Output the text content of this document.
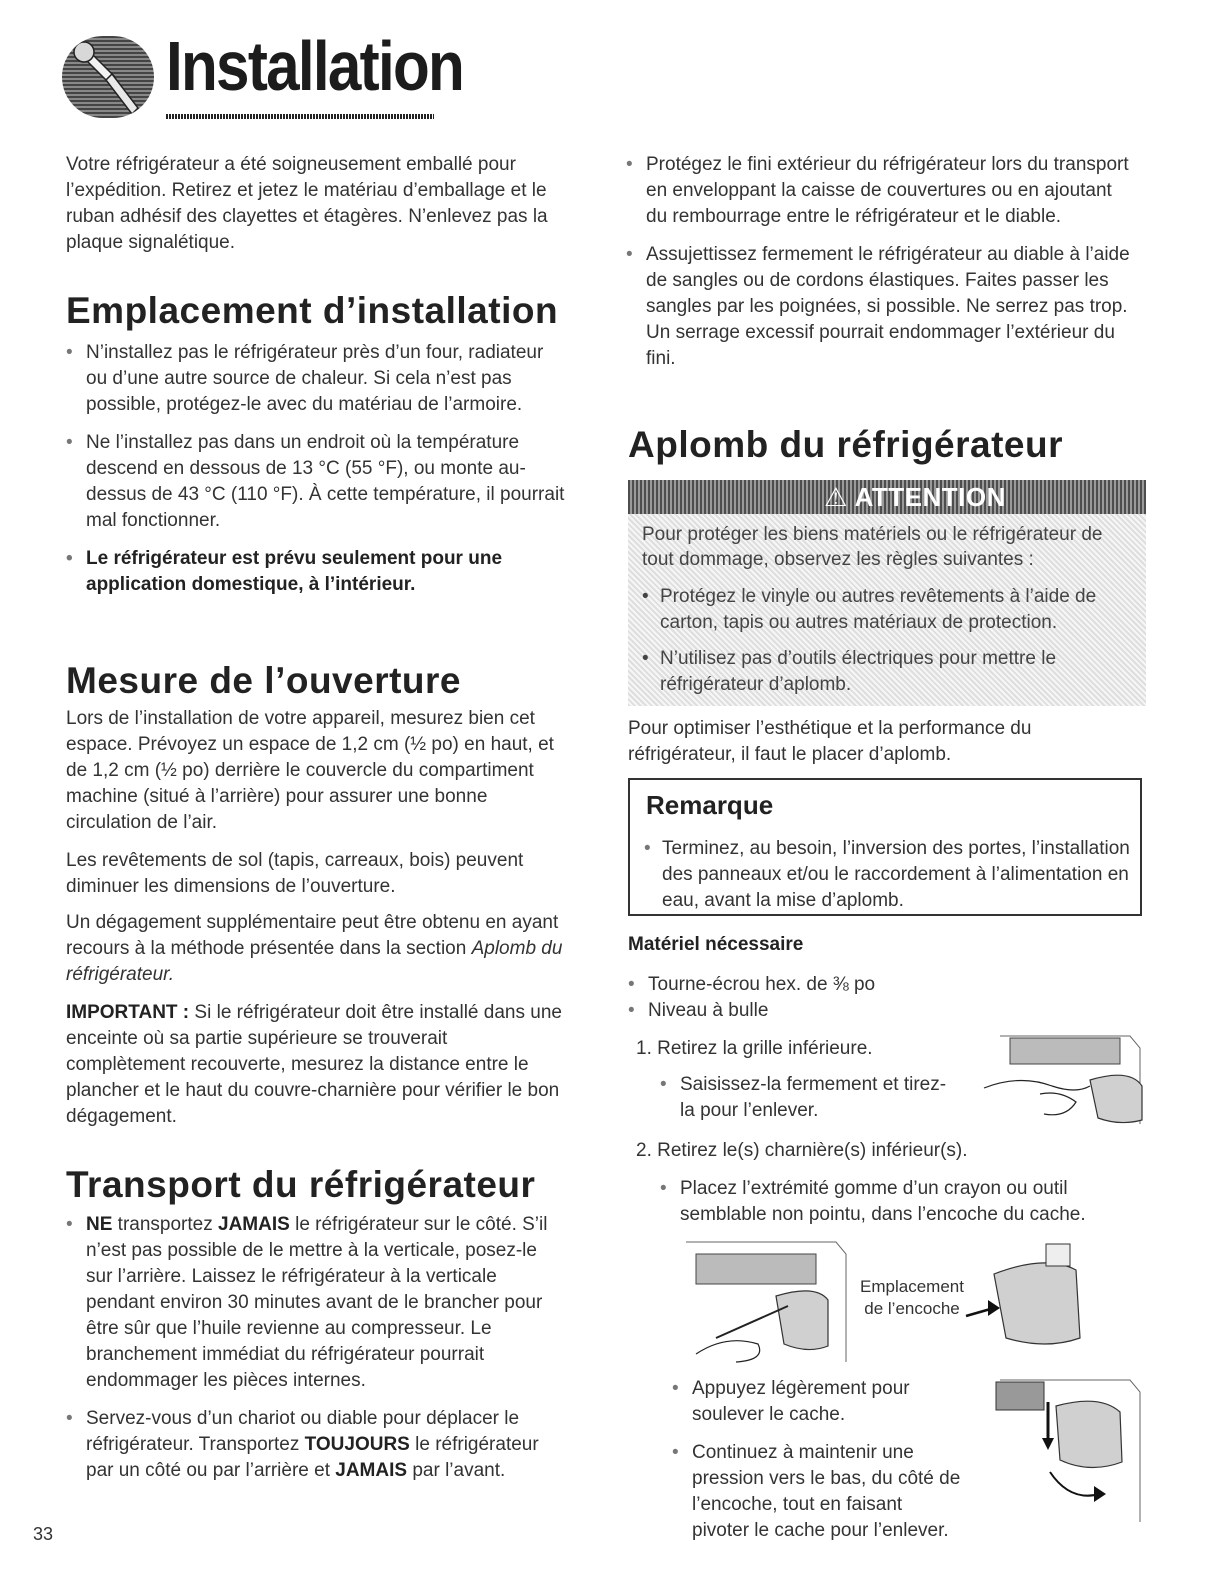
Installation

Votre réfrigérateur a été soigneusement emballé pour l’expédition. Retirez et jetez le matériau d’emballage et le ruban adhésif des clayettes et étagères. N’enlevez pas la plaque signalétique.

Emplacement d’installation
• N’installez pas le réfrigérateur près d’un four, radiateur ou d’une autre source de chaleur. Si cela n’est pas possible, protégez-le avec du matériau de l’armoire.
• Ne l’installez pas dans un endroit où la température descend en dessous de 13 °C (55 °F), ou monte au-dessus de 43 °C (110 °F). À cette température, il pourrait mal fonctionner.
• Le réfrigérateur est prévu seulement pour une application domestique, à l’intérieur.
Mesure de l’ouverture

Lors de l’installation de votre appareil, mesurez bien cet espace. Prévoyez un espace de 1,2 cm (½ po) en haut, et de 1,2 cm (½ po) derrière le couvercle du compartiment machine (situé à l’arrière) pour assurer une bonne circulation de l’air.

Les revêtements de sol (tapis, carreaux, bois) peuvent diminuer les dimensions de l’ouverture.

Un dégagement supplémentaire peut être obtenu en ayant recours à la méthode présentée dans la section Aplomb du réfrigérateur.

IMPORTANT : Si le réfrigérateur doit être installé dans une enceinte où sa partie supérieure se trouverait complètement recouverte, mesurez la distance entre le plancher et le haut du couvre-charnière pour vérifier le bon dégagement.

Transport du réfrigérateur
• NE transportez JAMAIS le réfrigérateur sur le côté. S’il n’est pas possible de le mettre à la verticale, posez-le sur l’arrière. Laissez le réfrigérateur à la verticale pendant environ 30 minutes avant de le brancher pour être sûr que l’huile revienne au compresseur. Le branchement immédiat du réfrigérateur pourrait endommager les pièces internes.
• Servez-vous d’un chariot ou diable pour déplacer le réfrigérateur. Transportez TOUJOURS le réfrigérateur par un côté ou par l’arrière et JAMAIS par l’avant.
33
• Protégez le fini extérieur du réfrigérateur lors du transport en enveloppant la caisse de couvertures ou en ajoutant du rembourrage entre le réfrigérateur et le diable.
• Assujettissez fermement le réfrigérateur au diable à l’aide de sangles ou de cordons élastiques. Faites passer les sangles par les poignées, si possible. Ne serrez pas trop. Un serrage excessif pourrait endommager l’extérieur du fini.
Aplomb du réfrigérateur
⚠ ATTENTION

Pour protéger les biens matériels ou le réfrigérateur de tout dommage, observez les règles suivantes :

• Protégez le vinyle ou autres revêtements à l’aide de carton, tapis ou autres matériaux de protection.
• N’utilisez pas d’outils électriques pour mettre le réfrigérateur d’aplomb.

Pour optimiser l’esthétique et la performance du réfrigérateur, il faut le placer d’aplomb.

Remarque
• Terminez, au besoin, l’inversion des portes, l’installation des panneaux et/ou le raccordement à l’alimentation en eau, avant la mise d’aplomb.
Matériel nécessaire
• Tourne-écrou hex. de ⅜ po
• Niveau à bulle

1. Retirez la grille inférieure.

• Saisissez-la fermement et tirez-la pour l’enlever.

2. Retirez le(s) charnière(s) inférieur(s).

• Placez l’extrémité gomme d’un crayon ou outil semblable non pointu, dans l’encoche du cache.
Emplacement
de l’encoche
• Appuyez légèrement pour soulever le cache.
• Continuez à maintenir une pression vers le bas, du côté de l’encoche, tout en faisant pivoter le cache pour l’enlever.
